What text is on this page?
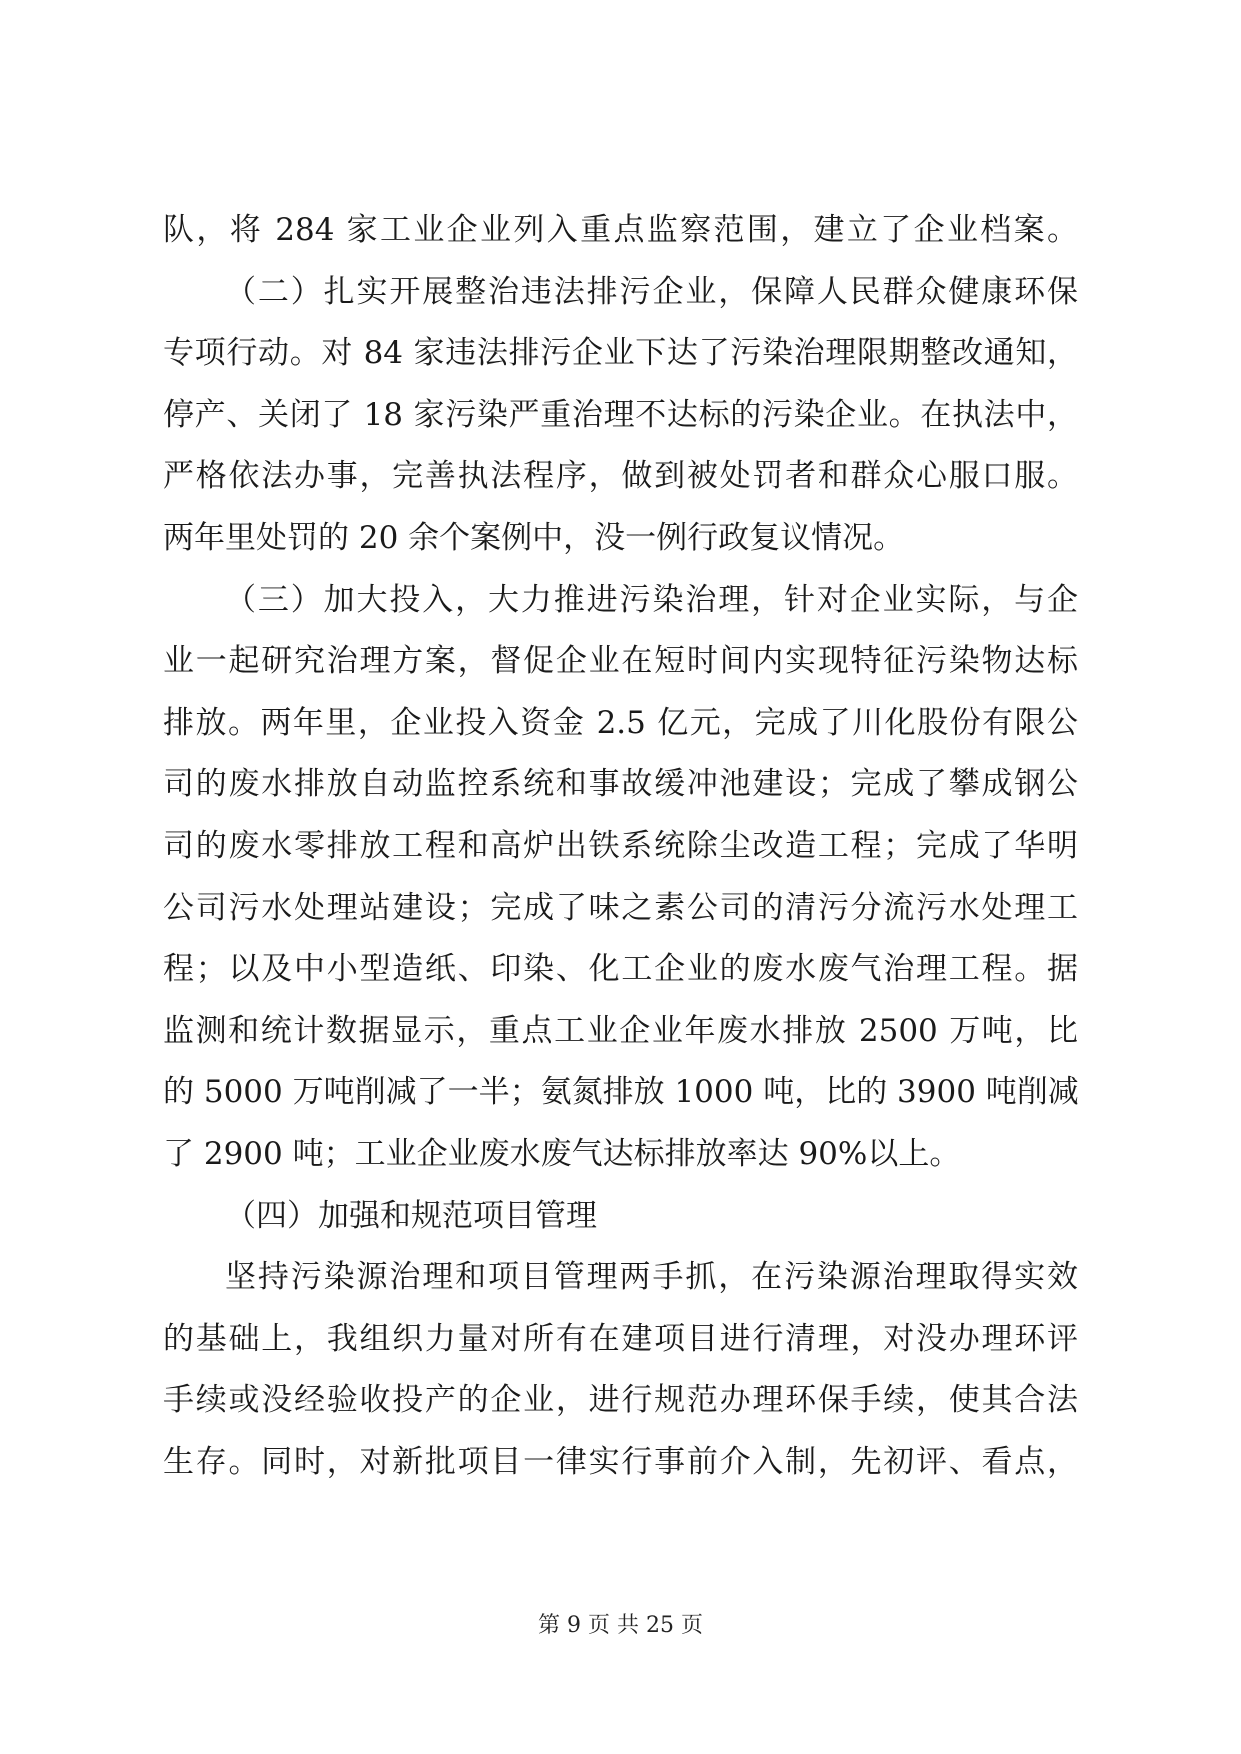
队，将 284 家工业企业列入重点监察范围，建立了企业档案。
（二）扎实开展整治违法排污企业，保障人民群众健康环保
专项行动。对 84 家违法排污企业下达了污染治理限期整改通知，
停产、关闭了 18 家污染严重治理不达标的污染企业。在执法中，
严格依法办事，完善执法程序，做到被处罚者和群众心服口服。
两年里处罚的 20 余个案例中，没一例行政复议情况。
（三）加大投入，大力推进污染治理，针对企业实际，与企
业一起研究治理方案，督促企业在短时间内实现特征污染物达标
排放。两年里，企业投入资金 2.5 亿元，完成了川化股份有限公
司的废水排放自动监控系统和事故缓冲池建设；完成了攀成钢公
司的废水零排放工程和高炉出铁系统除尘改造工程；完成了华明
公司污水处理站建设；完成了味之素公司的清污分流污水处理工
程；以及中小型造纸、印染、化工企业的废水废气治理工程。据
监测和统计数据显示，重点工业企业年废水排放 2500 万吨，比
的 5000 万吨削减了一半；氨氮排放 1000 吨，比的 3900 吨削减
了 2900 吨；工业企业废水废气达标排放率达 90%以上。
（四）加强和规范项目管理
坚持污染源治理和项目管理两手抓，在污染源治理取得实效
的基础上，我组织力量对所有在建项目进行清理，对没办理环评
手续或没经验收投产的企业，进行规范办理环保手续，使其合法
生存。同时，对新批项目一律实行事前介入制，先初评、看点，
第 9 页 共 25 页
